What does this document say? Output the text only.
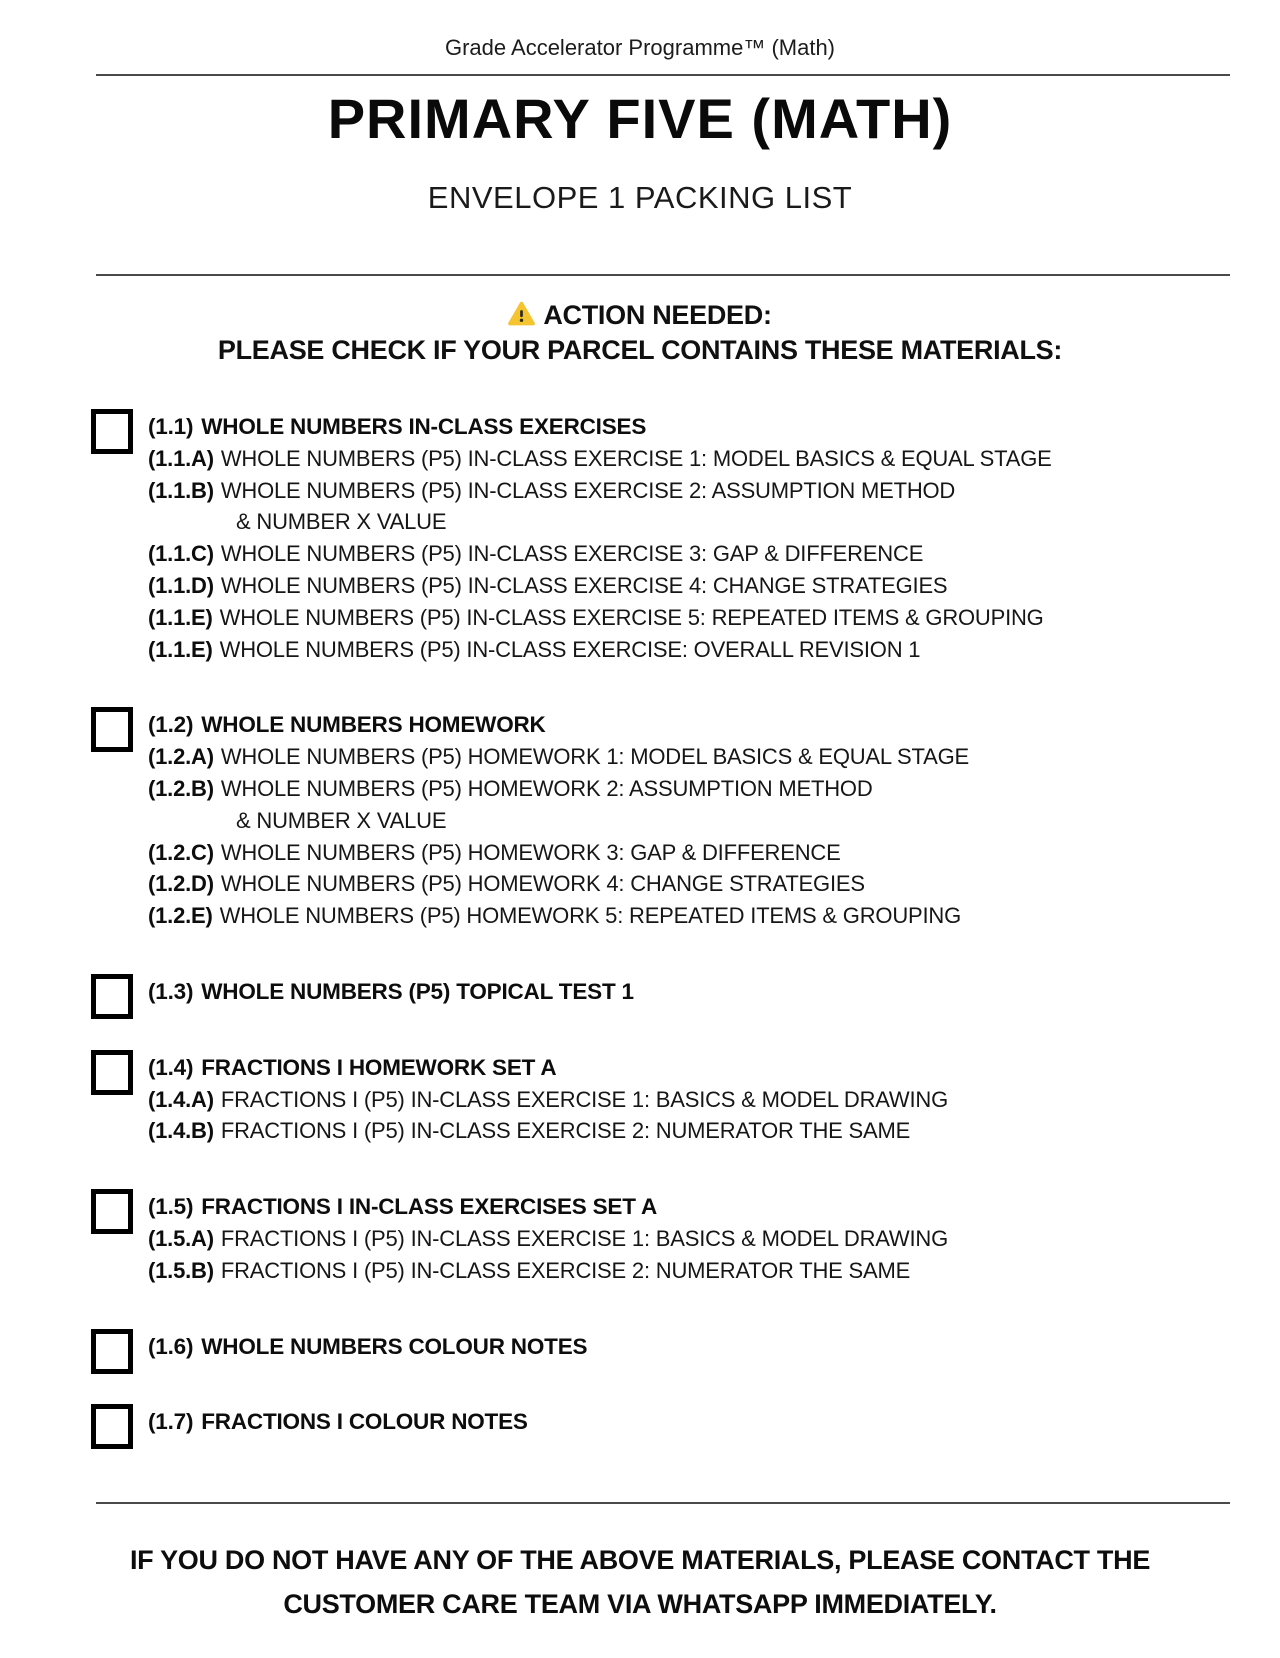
Grade Accelerator Programme™ (Math)
PRIMARY FIVE (MATH)
ENVELOPE 1 PACKING LIST
ACTION NEEDED:
PLEASE CHECK IF YOUR PARCEL CONTAINS THESE MATERIALS:
(1.1) WHOLE NUMBERS IN-CLASS EXERCISES
(1.1.A) WHOLE NUMBERS (P5) IN-CLASS EXERCISE 1: MODEL BASICS & EQUAL STAGE
(1.1.B) WHOLE NUMBERS (P5) IN-CLASS EXERCISE 2: ASSUMPTION METHOD
& NUMBER X VALUE
(1.1.C) WHOLE NUMBERS (P5) IN-CLASS EXERCISE 3: GAP & DIFFERENCE
(1.1.D) WHOLE NUMBERS (P5) IN-CLASS EXERCISE 4: CHANGE STRATEGIES
(1.1.E) WHOLE NUMBERS (P5) IN-CLASS EXERCISE 5: REPEATED ITEMS & GROUPING
(1.1.E) WHOLE NUMBERS (P5) IN-CLASS EXERCISE: OVERALL REVISION 1
(1.2) WHOLE NUMBERS HOMEWORK
(1.2.A) WHOLE NUMBERS (P5) HOMEWORK 1: MODEL BASICS & EQUAL STAGE
(1.2.B) WHOLE NUMBERS (P5) HOMEWORK 2: ASSUMPTION METHOD
& NUMBER X VALUE
(1.2.C) WHOLE NUMBERS (P5) HOMEWORK 3: GAP & DIFFERENCE
(1.2.D) WHOLE NUMBERS (P5) HOMEWORK 4: CHANGE STRATEGIES
(1.2.E) WHOLE NUMBERS (P5) HOMEWORK 5: REPEATED ITEMS & GROUPING
(1.3) WHOLE NUMBERS (P5) TOPICAL TEST 1
(1.4) FRACTIONS I HOMEWORK SET A
(1.4.A) FRACTIONS I (P5) IN-CLASS EXERCISE 1: BASICS & MODEL DRAWING
(1.4.B) FRACTIONS I (P5) IN-CLASS EXERCISE 2: NUMERATOR THE SAME
(1.5) FRACTIONS I IN-CLASS EXERCISES SET A
(1.5.A) FRACTIONS I (P5) IN-CLASS EXERCISE 1: BASICS & MODEL DRAWING
(1.5.B) FRACTIONS I (P5) IN-CLASS EXERCISE 2: NUMERATOR THE SAME
(1.6) WHOLE NUMBERS COLOUR NOTES
(1.7) FRACTIONS I COLOUR NOTES
IF YOU DO NOT HAVE ANY OF THE ABOVE MATERIALS, PLEASE CONTACT THE
CUSTOMER CARE TEAM VIA WHATSAPP IMMEDIATELY.
